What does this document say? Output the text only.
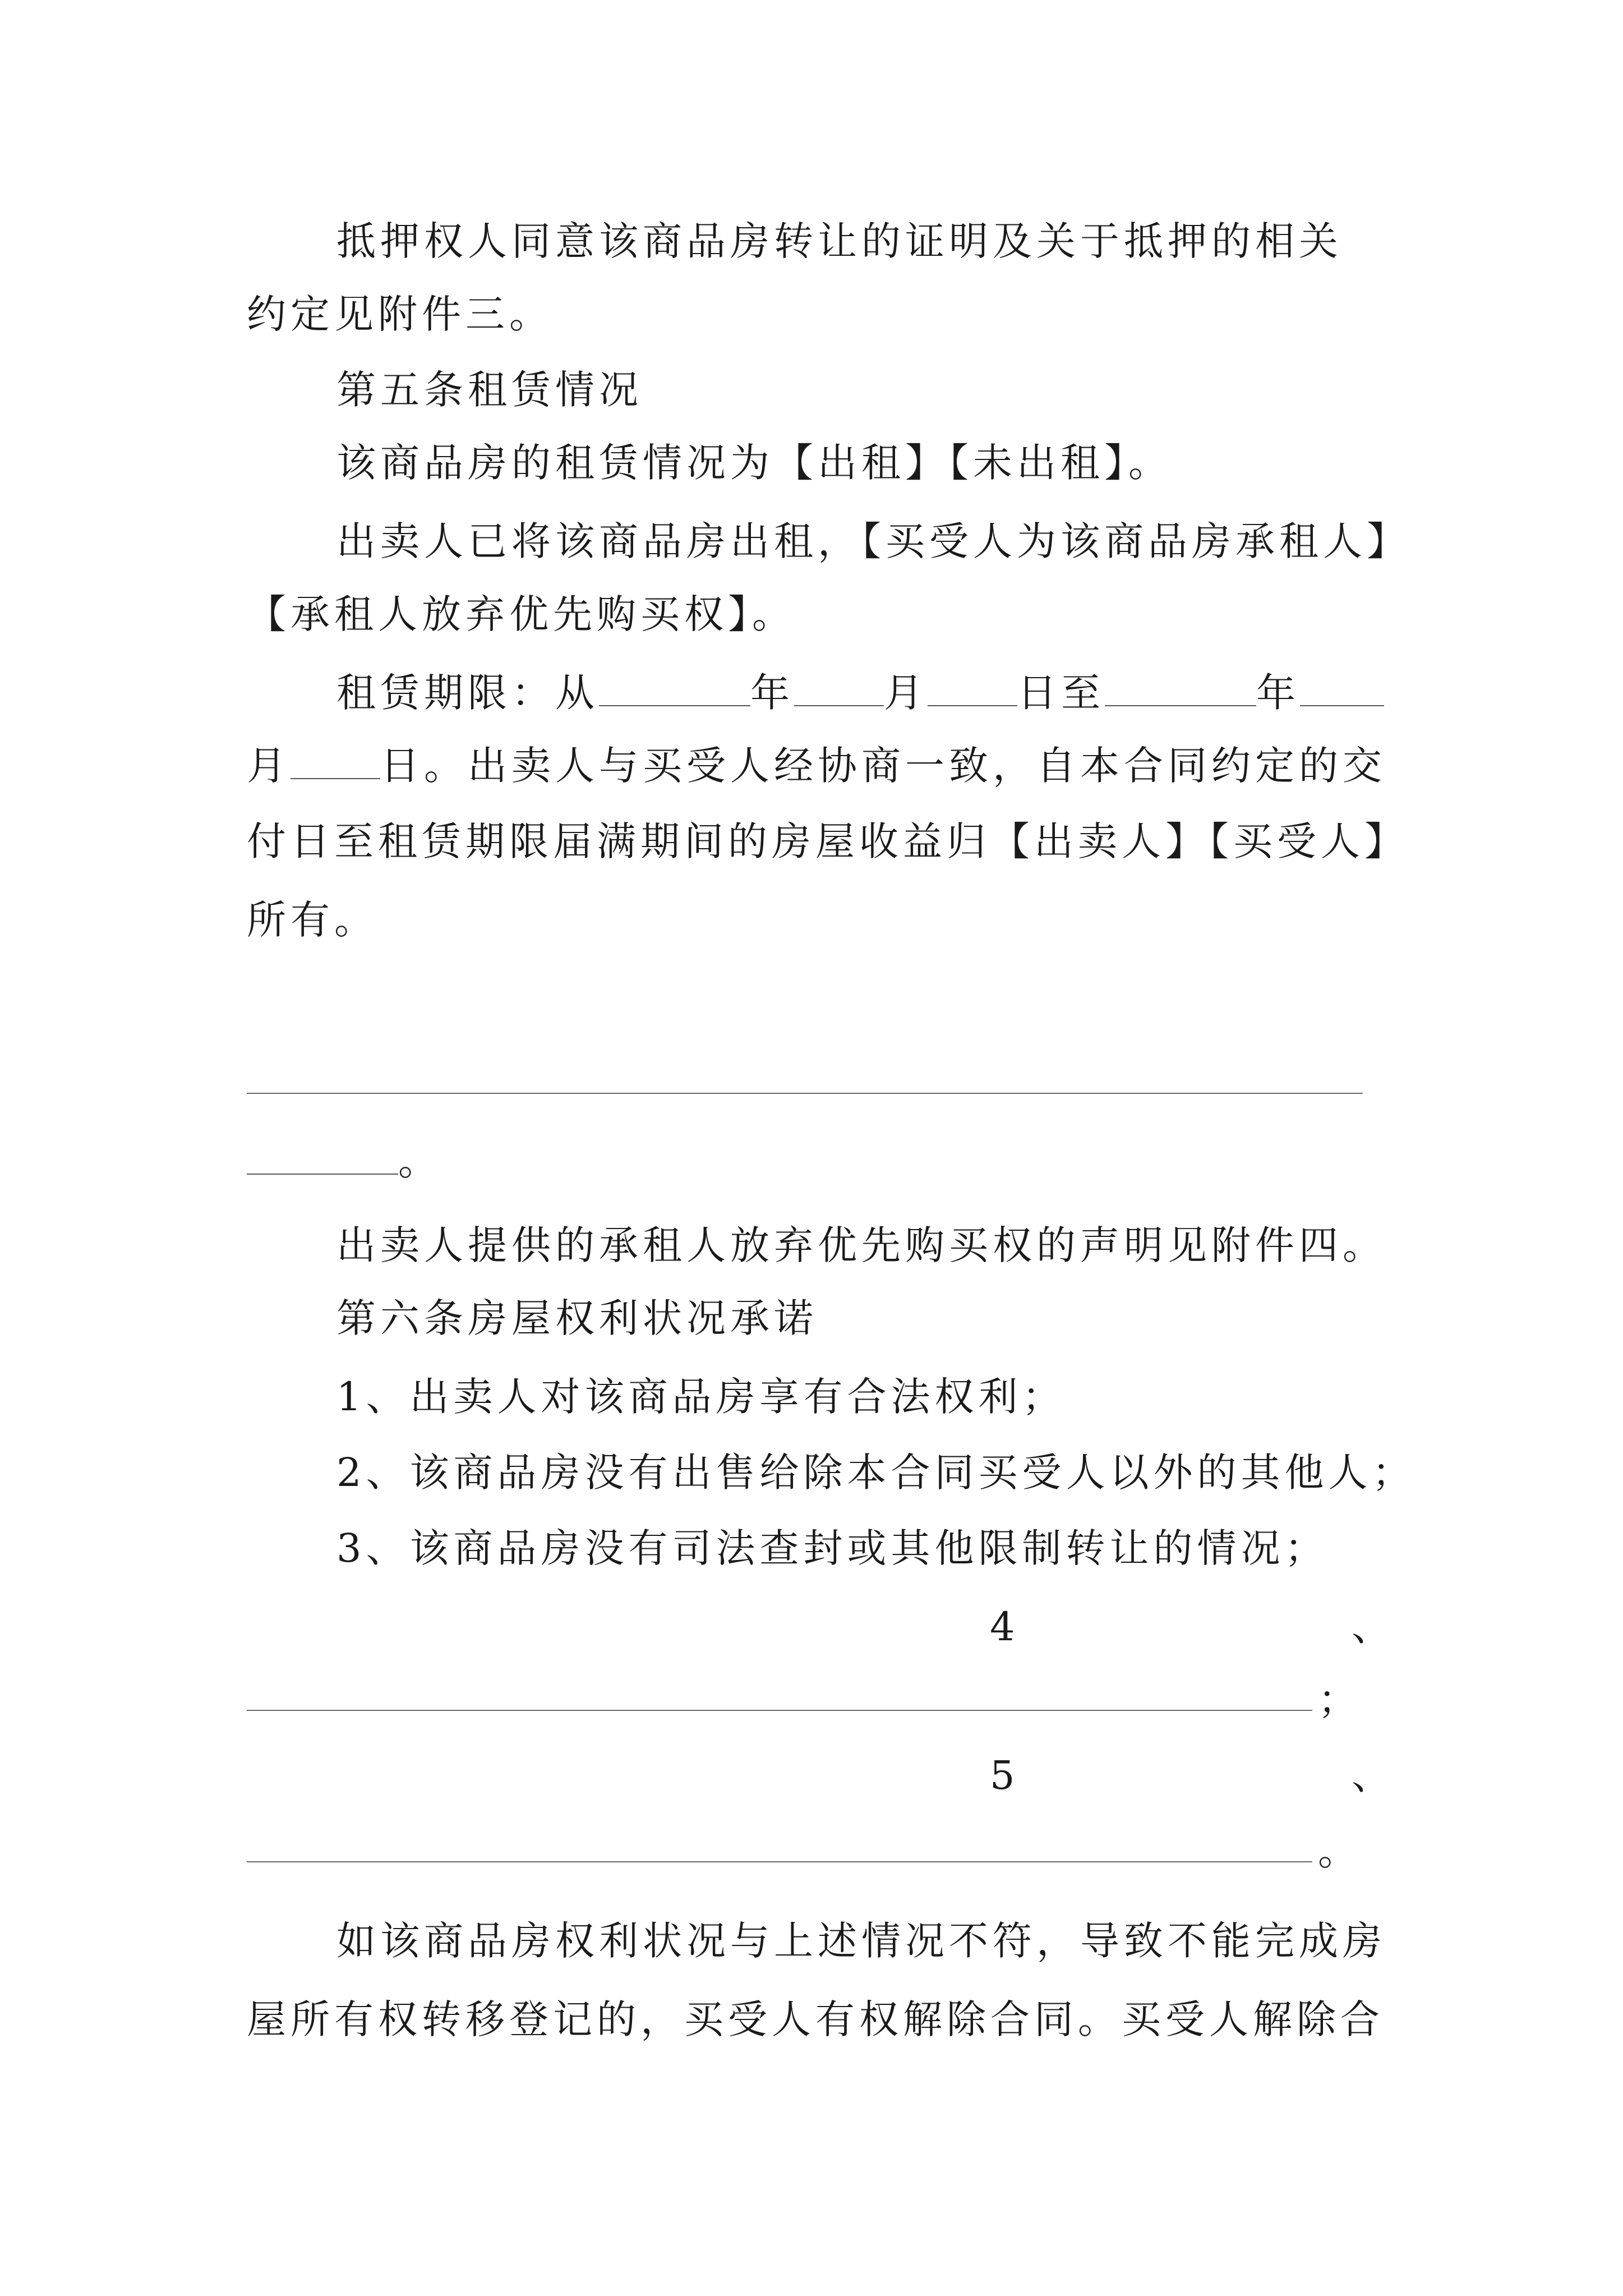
抵押权人同意该商品房转让的证明及关于抵押的相关
约定见附件三。
第五条租赁情况
该商品房的租赁情况为【出租】【未出租】。
出卖人已将该商品房出租，【买受人为该商品房承租人】
【承租人放弃优先购买权】。
租赁期限：从	年 月 日至	年
月 日。出卖人与买受人经协商一致，自本合同约定的交
付日至租赁期限届满期间的房屋收益归【出卖人】【买受人】
所有。
。
出卖人提供的承租人放弃优先购买权的声明见附件四。
第六条房屋权利状况承诺
1、出卖人对该商品房享有合法权利；
2、该商品房没有出售给除本合同买受人以外的其他人；
3、该商品房没有司法查封或其他限制转让的情况；
4	、
；
5	、
。
如该商品房权利状况与上述情况不符，导致不能完成房
屋所有权转移登记的，买受人有权解除合同。买受人解除合
